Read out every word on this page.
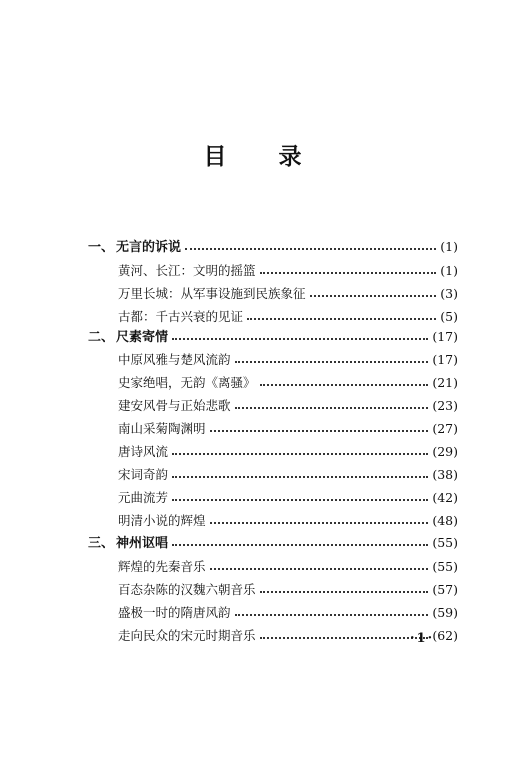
目 录
一、 无言的诉说	(1)
黄河、长江：文明的摇篮	(1)
万里长城：从军事设施到民族象征	(3)
古都：千古兴衰的见证	(5)
二、 尺素寄情	(17)
中原风雅与楚风流韵	(17)
史家绝唱，无韵《离骚》	(21)
建安风骨与正始悲歌	(23)
南山采菊陶渊明	(27)
唐诗风流	(29)
宋词奇韵	(38)
元曲流芳	(42)
明清小说的辉煌	(48)
三、 神州讴唱	(55)
辉煌的先秦音乐	(55)
百态杂陈的汉魏六朝音乐	(57)
盛极一时的隋唐风韵	(59)
走向民众的宋元时期音乐	(62)
·1·
